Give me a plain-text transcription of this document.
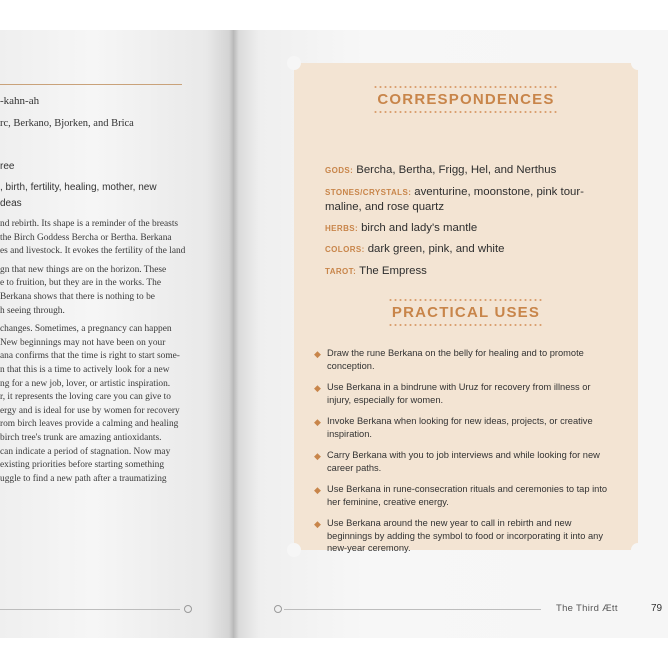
-kahn-ah
rc, Berkano, Bjorken, and Brica
ree
, birth, fertility, healing, mother, new
deas
nd rebirth. Its shape is a reminder of the breasts
the Birch Goddess Bercha or Bertha. Berkana
es and livestock. It evokes the fertility of the land
gn that new things are on the horizon. These
e to fruition, but they are in the works. The
Berkana shows that there is nothing to be
h seeing through.
changes. Sometimes, a pregnancy can happen
New beginnings may not have been on your
ana confirms that the time is right to start some-
n that this is a time to actively look for a new
ng for a new job, lover, or artistic inspiration.
r, it represents the loving care you can give to
ergy and is ideal for use by women for recovery
rom birch leaves provide a calming and healing
birch tree's trunk are amazing antioxidants.
can indicate a period of stagnation. Now may
existing priorities before starting something
uggle to find a new path after a traumatizing
CORRESPONDENCES
GODS: Bercha, Bertha, Frigg, Hel, and Nerthus
STONES/CRYSTALS: aventurine, moonstone, pink tour-maline, and rose quartz
HERBS: birch and lady's mantle
COLORS: dark green, pink, and white
TAROT: The Empress
PRACTICAL USES
◆ Draw the rune Berkana on the belly for healing and to promote conception.
◆ Use Berkana in a bindrune with Uruz for recovery from illness or injury, especially for women.
◆ Invoke Berkana when looking for new ideas, projects, or creative inspiration.
◆ Carry Berkana with you to job interviews and while looking for new career paths.
◆ Use Berkana in rune-consecration rituals and ceremonies to tap into her feminine, creative energy.
◆ Use Berkana around the new year to call in rebirth and new beginnings by adding the symbol to food or incorporating it into any new-year ceremony.
The Third Ætt	79
